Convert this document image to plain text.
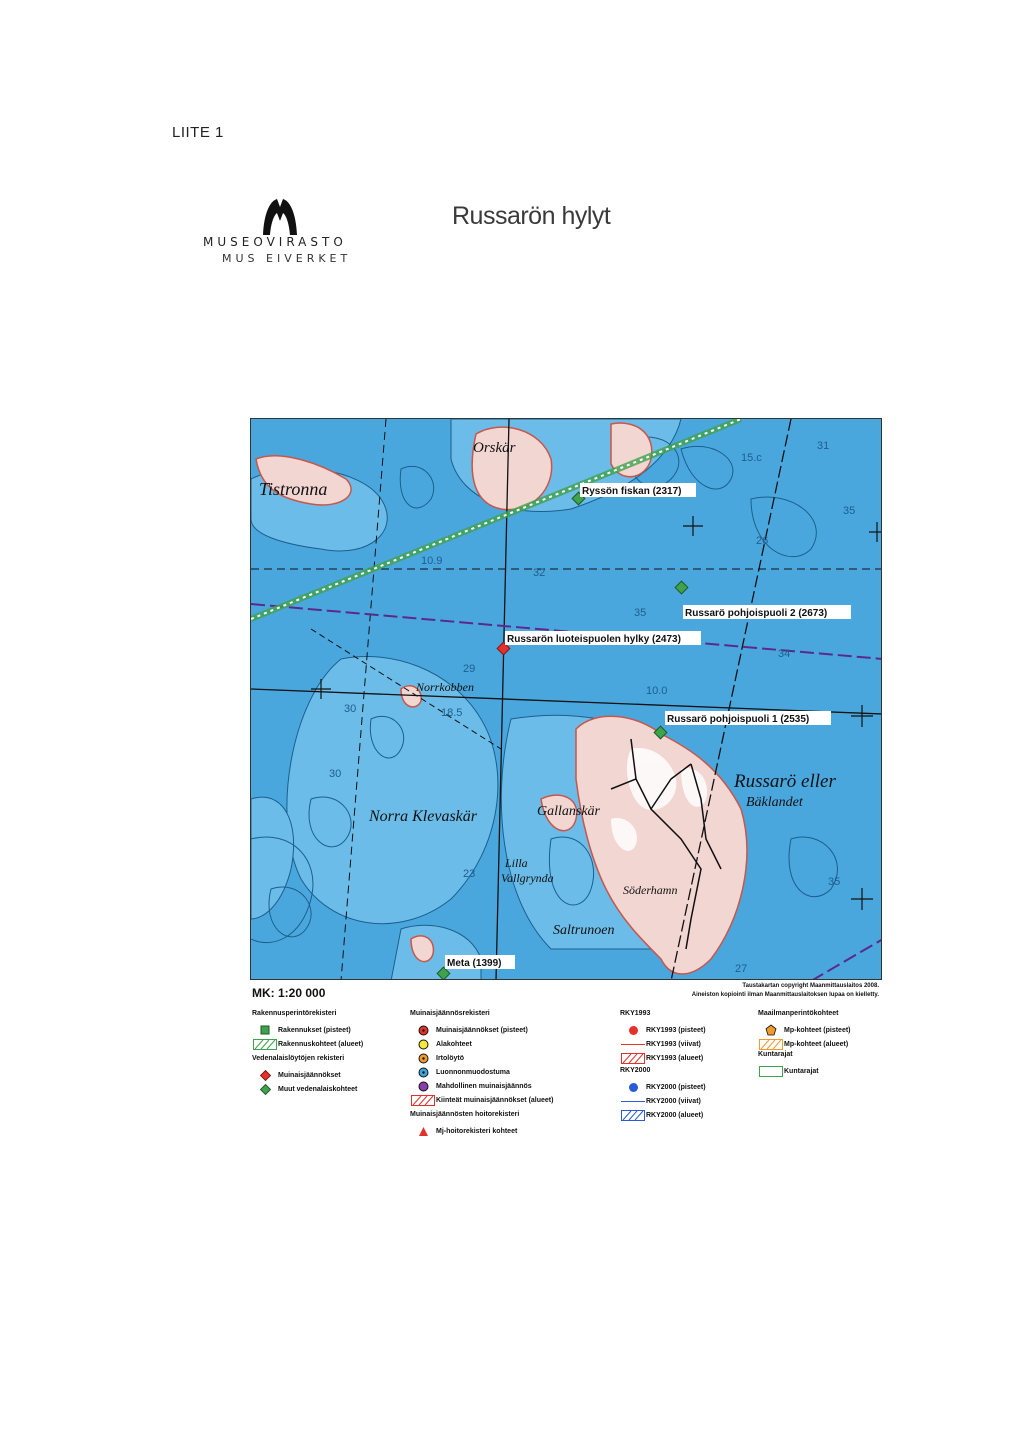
LIITE 1
MUSEOVIRASTO
MUS EIVERKET
Russarön hylyt
31
35
26
15.c
10.9
32
35
34
29
18.5
30
30
23
35
27
10.0
Tistronna
Orskär
Norrkobben
Norra Klevaskär	Gallanskär
Russarö eller
Bäklandet
Lilla
Vallgrynda
Söderhamn
Saltrunoen
Ryssön fiskan (2317)
Russarö pohjoispuoli 2 (2673)
Russarön luoteispuolen hylky (2473)
Russarö pohjoispuoli 1 (2535)
Meta (1399)
MK: 1:20 000	Taustakartan copyright Maanmittauslaitos 2008.
Aineiston kopiointi ilman Maanmittauslaitoksen lupaa on kielletty.
Rakennusperintörekisteri
Rakennukset (pisteet)
Rakennuskohteet (alueet)
Vedenalaislöytöjen rekisteri
Muinaisjäännökset
Muut vedenalaiskohteet
Muinaisjäännösrekisteri
Muinaisjäännökset (pisteet)
Alakohteet
Irtolöytö
Luonnonmuodostuma
Mahdollinen muinaisjäännös
Kiinteät muinaisjäännökset (alueet)
Muinaisjäännösten hoitorekisteri
Mj-hoitorekisteri kohteet
RKY1993
RKY1993 (pisteet)
RKY1993 (viivat)
RKY1993 (alueet)
RKY2000
RKY2000 (pisteet)
RKY2000 (viivat)
RKY2000 (alueet)
Maailmanperintökohteet
Mp-kohteet (pisteet)
Mp-kohteet (alueet)
Kuntarajat
Kuntarajat
